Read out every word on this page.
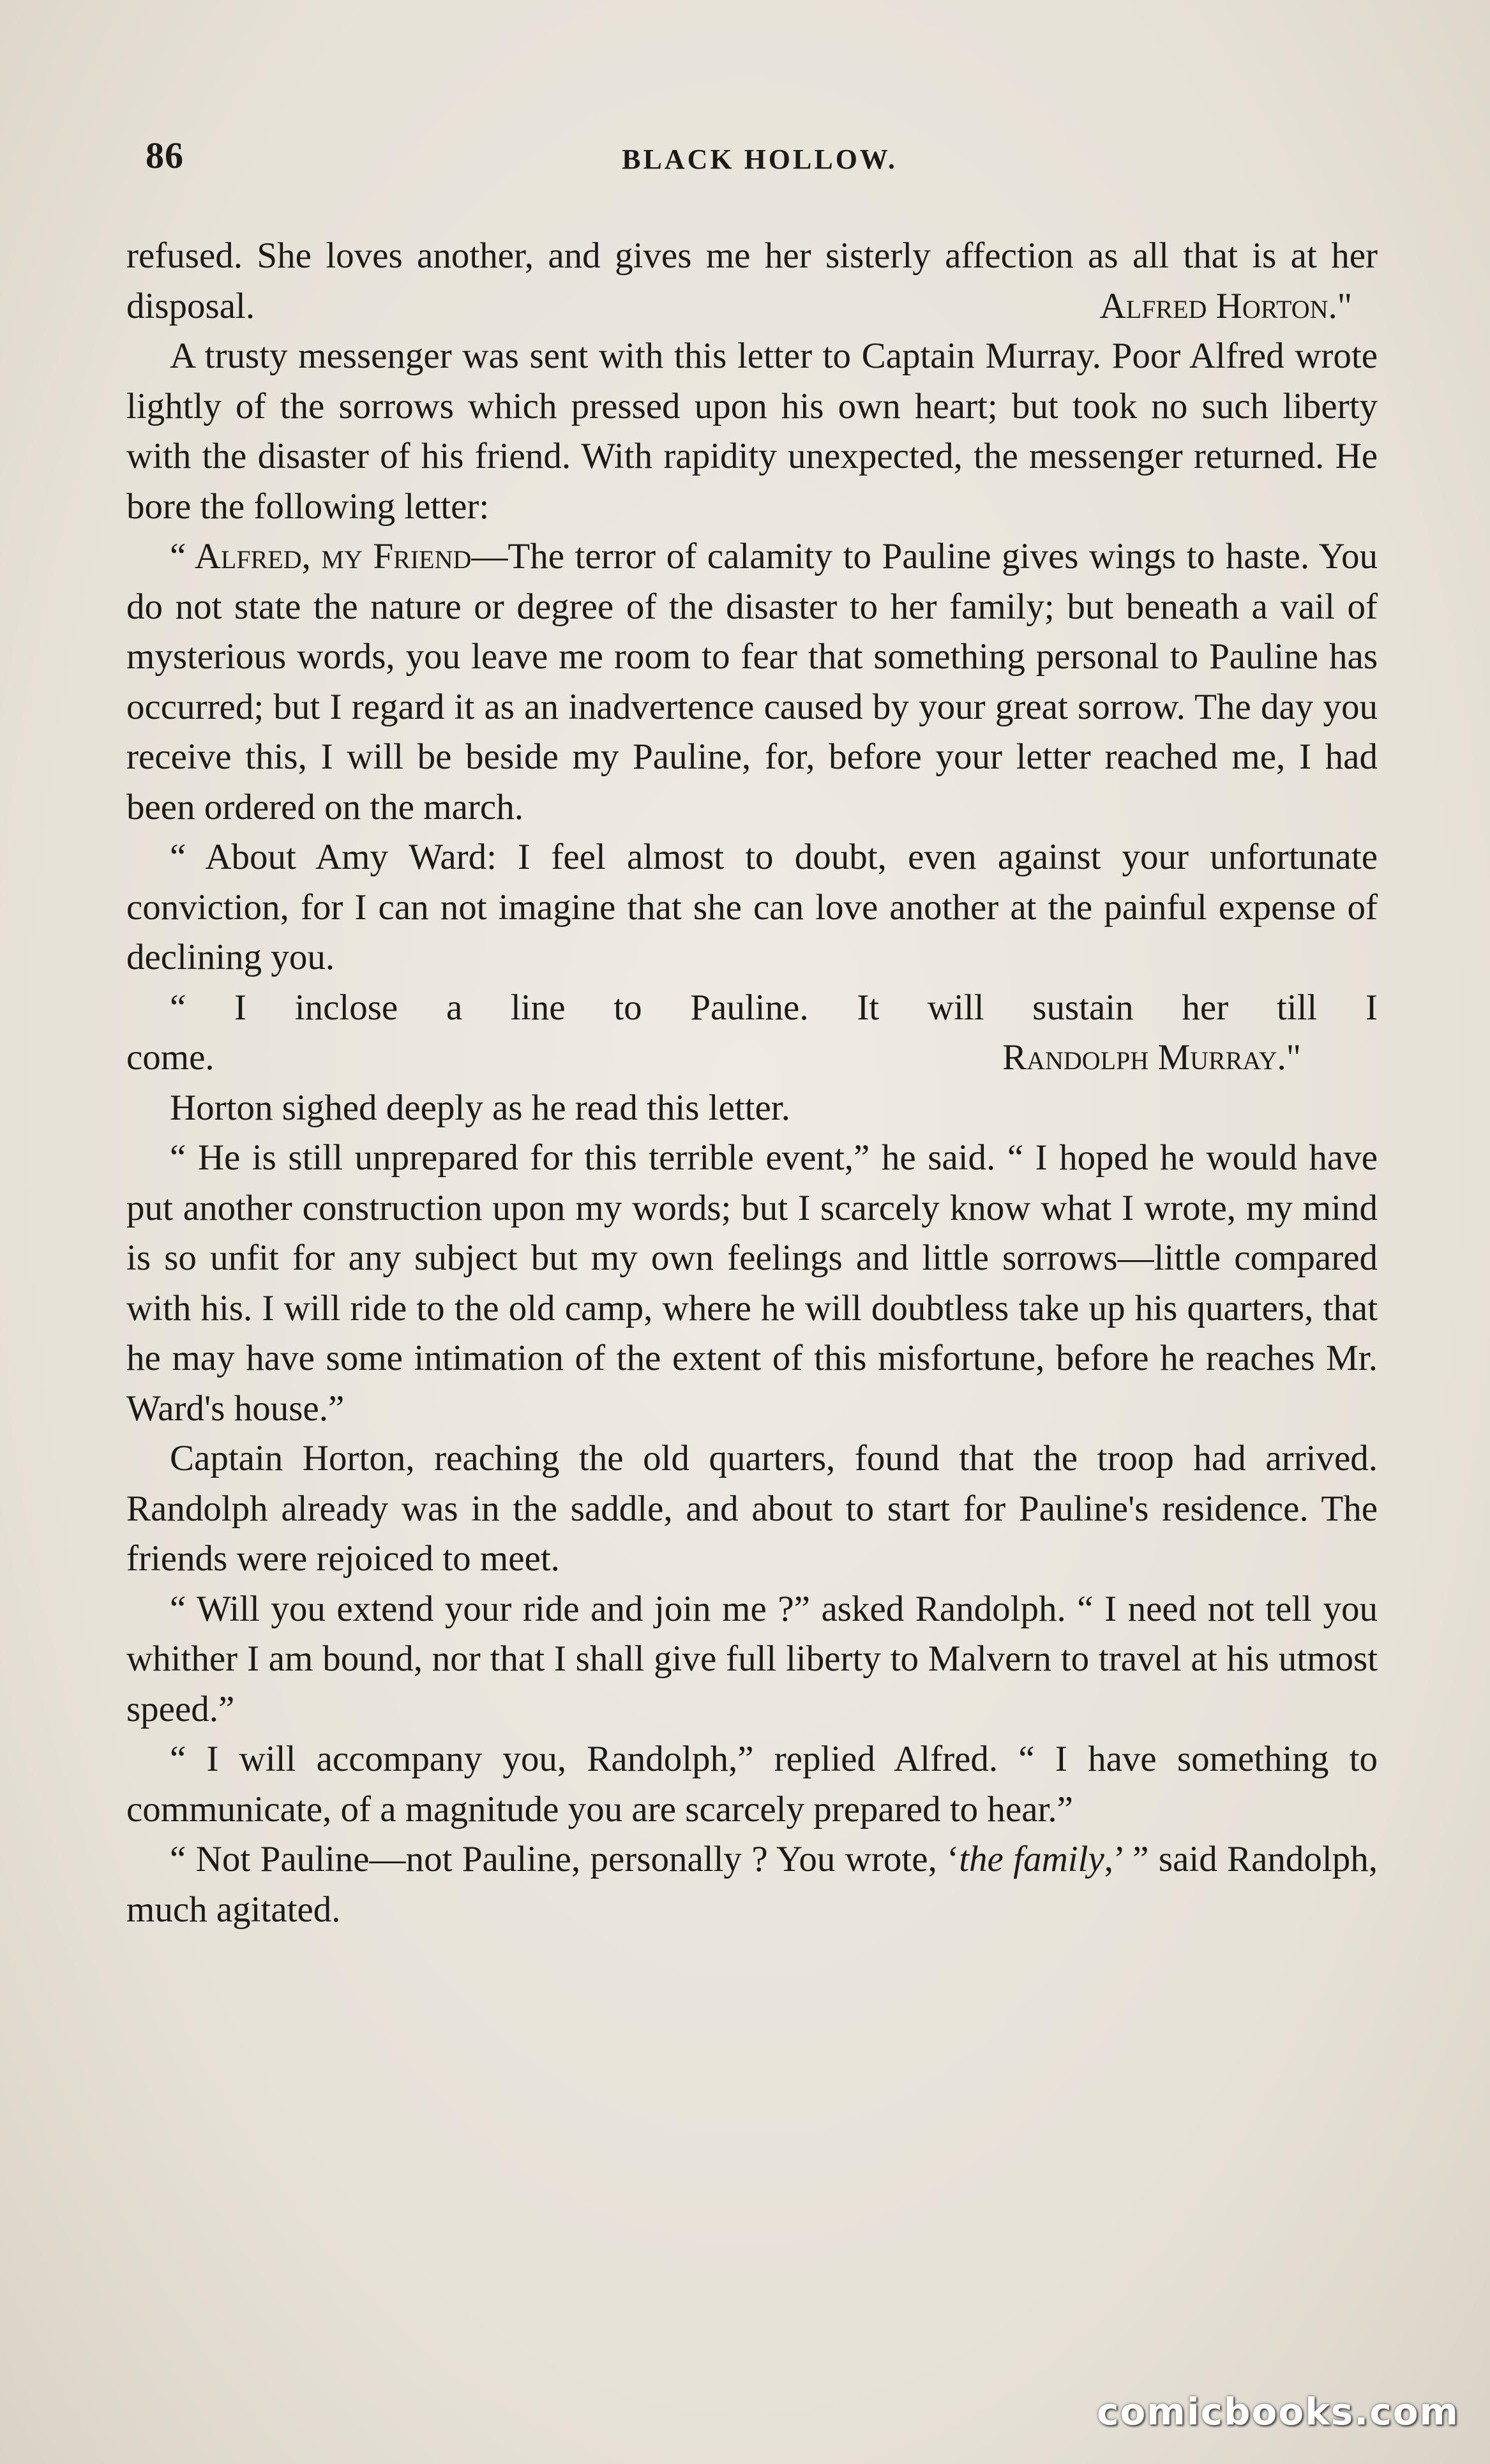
86	BLACK HOLLOW.

refused. She loves another, and gives me her sisterly affection as all that is at her disposal.	Alfred Horton."

A trusty messenger was sent with this letter to Captain Murray. Poor Alfred wrote lightly of the sorrows which pressed upon his own heart; but took no such liberty with the disaster of his friend. With rapidity unexpected, the messenger returned. He bore the following letter:

“ Alfred, my Friend—The terror of calamity to Pauline gives wings to haste. You do not state the nature or degree of the disaster to her family; but beneath a vail of mysterious words, you leave me room to fear that something personal to Pauline has occurred; but I regard it as an inadvertence caused by your great sorrow. The day you receive this, I will be beside my Pauline, for, before your letter reached me, I had been ordered on the march.

“ About Amy Ward: I feel almost to doubt, even against your unfortunate conviction, for I can not imagine that she can love another at the painful expense of declining you.

“ I inclose a line to Pauline. It will sustain her till I

come.	Randolph Murray."

Horton sighed deeply as he read this letter.

“ He is still unprepared for this terrible event,” he said. “ I hoped he would have put another construction upon my words; but I scarcely know what I wrote, my mind is so unfit for any subject but my own feelings and little sorrows—little compared with his. I will ride to the old camp, where he will doubtless take up his quarters, that he may have some intimation of the extent of this misfortune, before he reaches Mr. Ward's house.”

Captain Horton, reaching the old quarters, found that the troop had arrived. Randolph already was in the saddle, and about to start for Pauline's residence. The friends were rejoiced to meet.

“ Will you extend your ride and join me ?” asked Randolph. “ I need not tell you whither I am bound, nor that I shall give full liberty to Malvern to travel at his utmost speed.”

“ I will accompany you, Randolph,” replied Alfred. “ I have something to communicate, of a magnitude you are scarcely prepared to hear.”

“ Not Pauline—not Pauline, personally ? You wrote, ‘the family,’ ” said Randolph, much agitated.

comicbooks.com
